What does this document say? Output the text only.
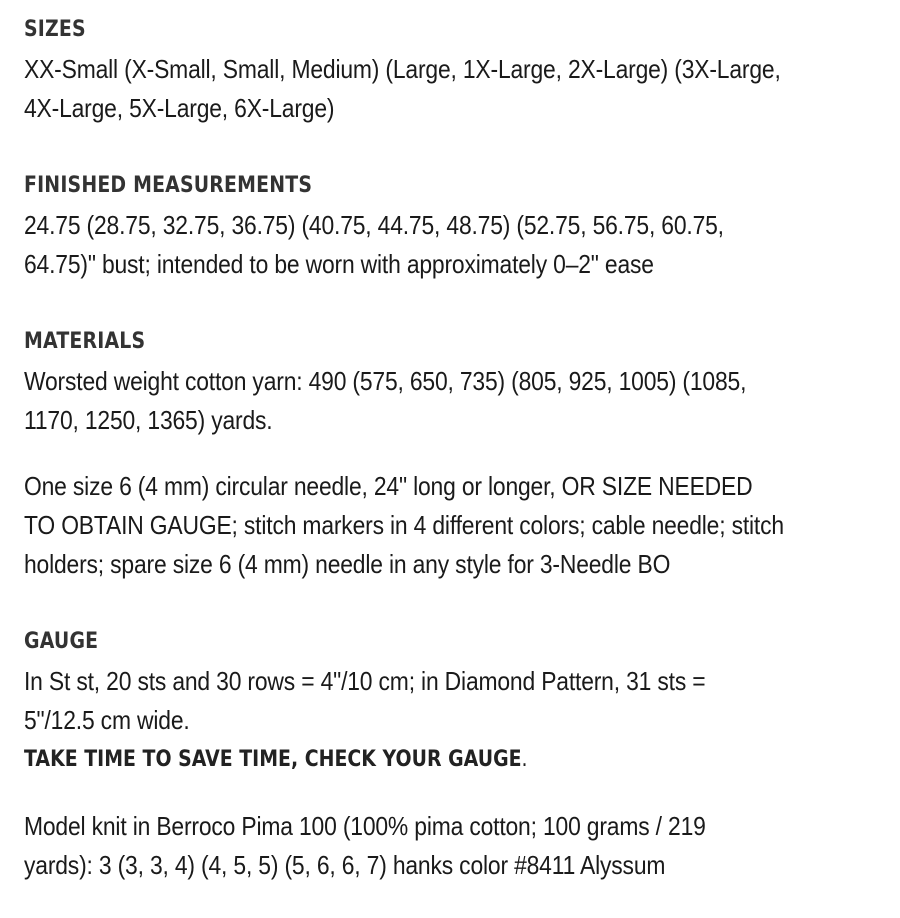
SIZES
XX-Small (X-Small, Small, Medium) (Large, 1X-Large, 2X-Large) (3X-Large,
4X-Large, 5X-Large, 6X-Large)
FINISHED MEASUREMENTS
24.75 (28.75, 32.75, 36.75) (40.75, 44.75, 48.75) (52.75, 56.75, 60.75,
64.75)" bust; intended to be worn with approximately 0–2" ease
MATERIALS
Worsted weight cotton yarn: 490 (575, 650, 735) (805, 925, 1005) (1085,
1170, 1250, 1365) yards.
One size 6 (4 mm) circular needle, 24" long or longer, OR SIZE NEEDED
TO OBTAIN GAUGE; stitch markers in 4 different colors; cable needle; stitch
holders; spare size 6 (4 mm) needle in any style for 3-Needle BO
GAUGE
In St st, 20 sts and 30 rows = 4"/10 cm; in Diamond Pattern, 31 sts =
5"/12.5 cm wide.
TAKE TIME TO SAVE TIME, CHECK YOUR GAUGE.
Model knit in Berroco Pima 100 (100% pima cotton; 100 grams / 219
yards): 3 (3, 3, 4) (4, 5, 5) (5, 6, 6, 7) hanks color #8411 Alyssum
